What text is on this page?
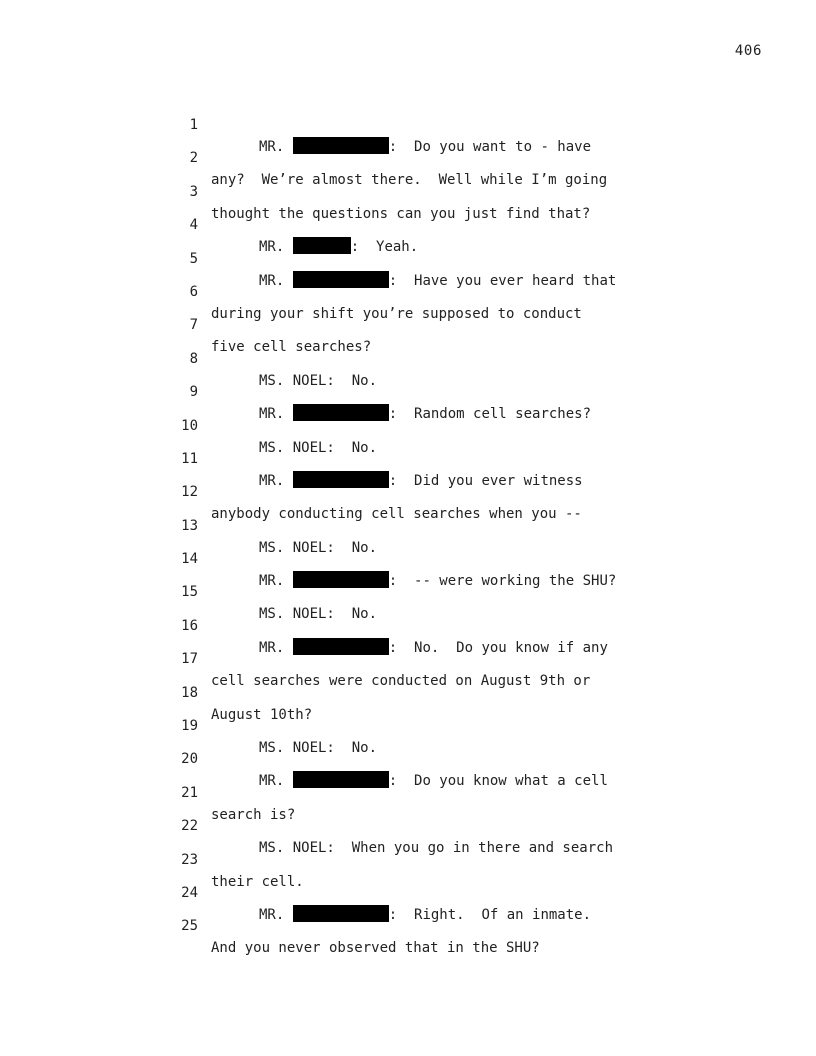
406

1

MR.	:  Do you want to - have

2

any?  We’re almost there.  Well while I’m going

3

thought the questions can you just find that?

4

MR.	:  Yeah.

5

MR.	:  Have you ever heard that

6

during your shift you’re supposed to conduct

7

five cell searches?

8

MS. NOEL:  No.

9

MR.	:  Random cell searches?

10

MS. NOEL:  No.

11

MR.	:  Did you ever witness

12

anybody conducting cell searches when you --

13

MS. NOEL:  No.

14

MR.	:  -- were working the SHU?

15

MS. NOEL:  No.

16

MR.	:  No.  Do you know if any

17

cell searches were conducted on August 9th or

18

August 10th?

19

MS. NOEL:  No.

20

MR.	:  Do you know what a cell

21

search is?

22

MS. NOEL:  When you go in there and search

23

their cell.

24

MR.	:  Right.  Of an inmate.

25

And you never observed that in the SHU?
